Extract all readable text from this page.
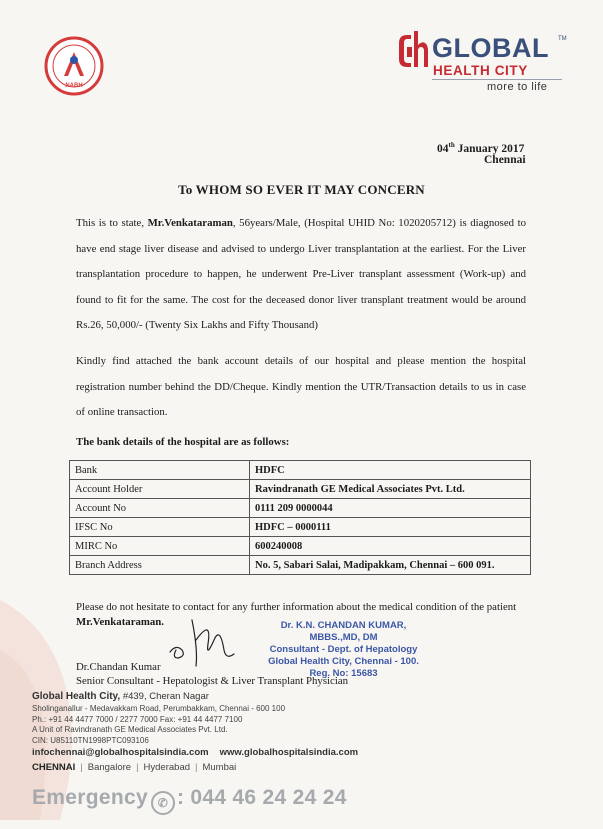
NABH
GLOBAL TM
HEALTH CITY
more to life
04th January 2017
Chennai
To WHOM SO EVER IT MAY CONCERN
This is to state, Mr.Venkataraman, 56years/Male, (Hospital UHID No: 1020205712) is diagnosed to have end stage liver disease and advised to undergo Liver transplantation at the earliest. For the Liver transplantation procedure to happen, he underwent Pre-Liver transplant assessment (Work-up) and found to fit for the same. The cost for the deceased donor liver transplant treatment would be around Rs.26, 50,000/- (Twenty Six Lakhs and Fifty Thousand)
Kindly find attached the bank account details of our hospital and please mention the hospital registration number behind the DD/Cheque. Kindly mention the UTR/Transaction details to us in case of online transaction.
The bank details of the hospital are as follows:
Bank	HDFC
Account Holder	Ravindranath GE Medical Associates Pvt. Ltd.
Account No	0111 209 0000044
IFSC No	HDFC – 0000111
MIRC No	600240008
Branch Address	No. 5, Sabari Salai, Madipakkam, Chennai – 600 091.
Please do not hesitate to contact for any further information about the medical condition of the patient
Mr.Venkataraman.	Dr. K.N. CHANDAN KUMAR, MBBS.,MD, DM
Consultant - Dept. of Hepatology
Global Health City, Chennai - 100.
Reg. No: 15683
Dr.Chandan Kumar
Senior Consultant - Hepatologist & Liver Transplant Physician
Global Health City, #439, Cheran Nagar
Sholinganallur - Medavakkam Road, Perumbakkam, Chennai - 600 100
Ph.: +91 44 4477 7000 / 2277 7000 Fax: +91 44 4477 7100
A Unit of Ravindranath GE Medical Associates Pvt. Ltd.
CIN: U85110TN1998PTC093106
infochennai@globalhospitalsindia.com www.globalhospitalsindia.com
CHENNAI | Bangalore | Hyderabad | Mumbai
Emergency ✆ : 044 46 24 24 24
